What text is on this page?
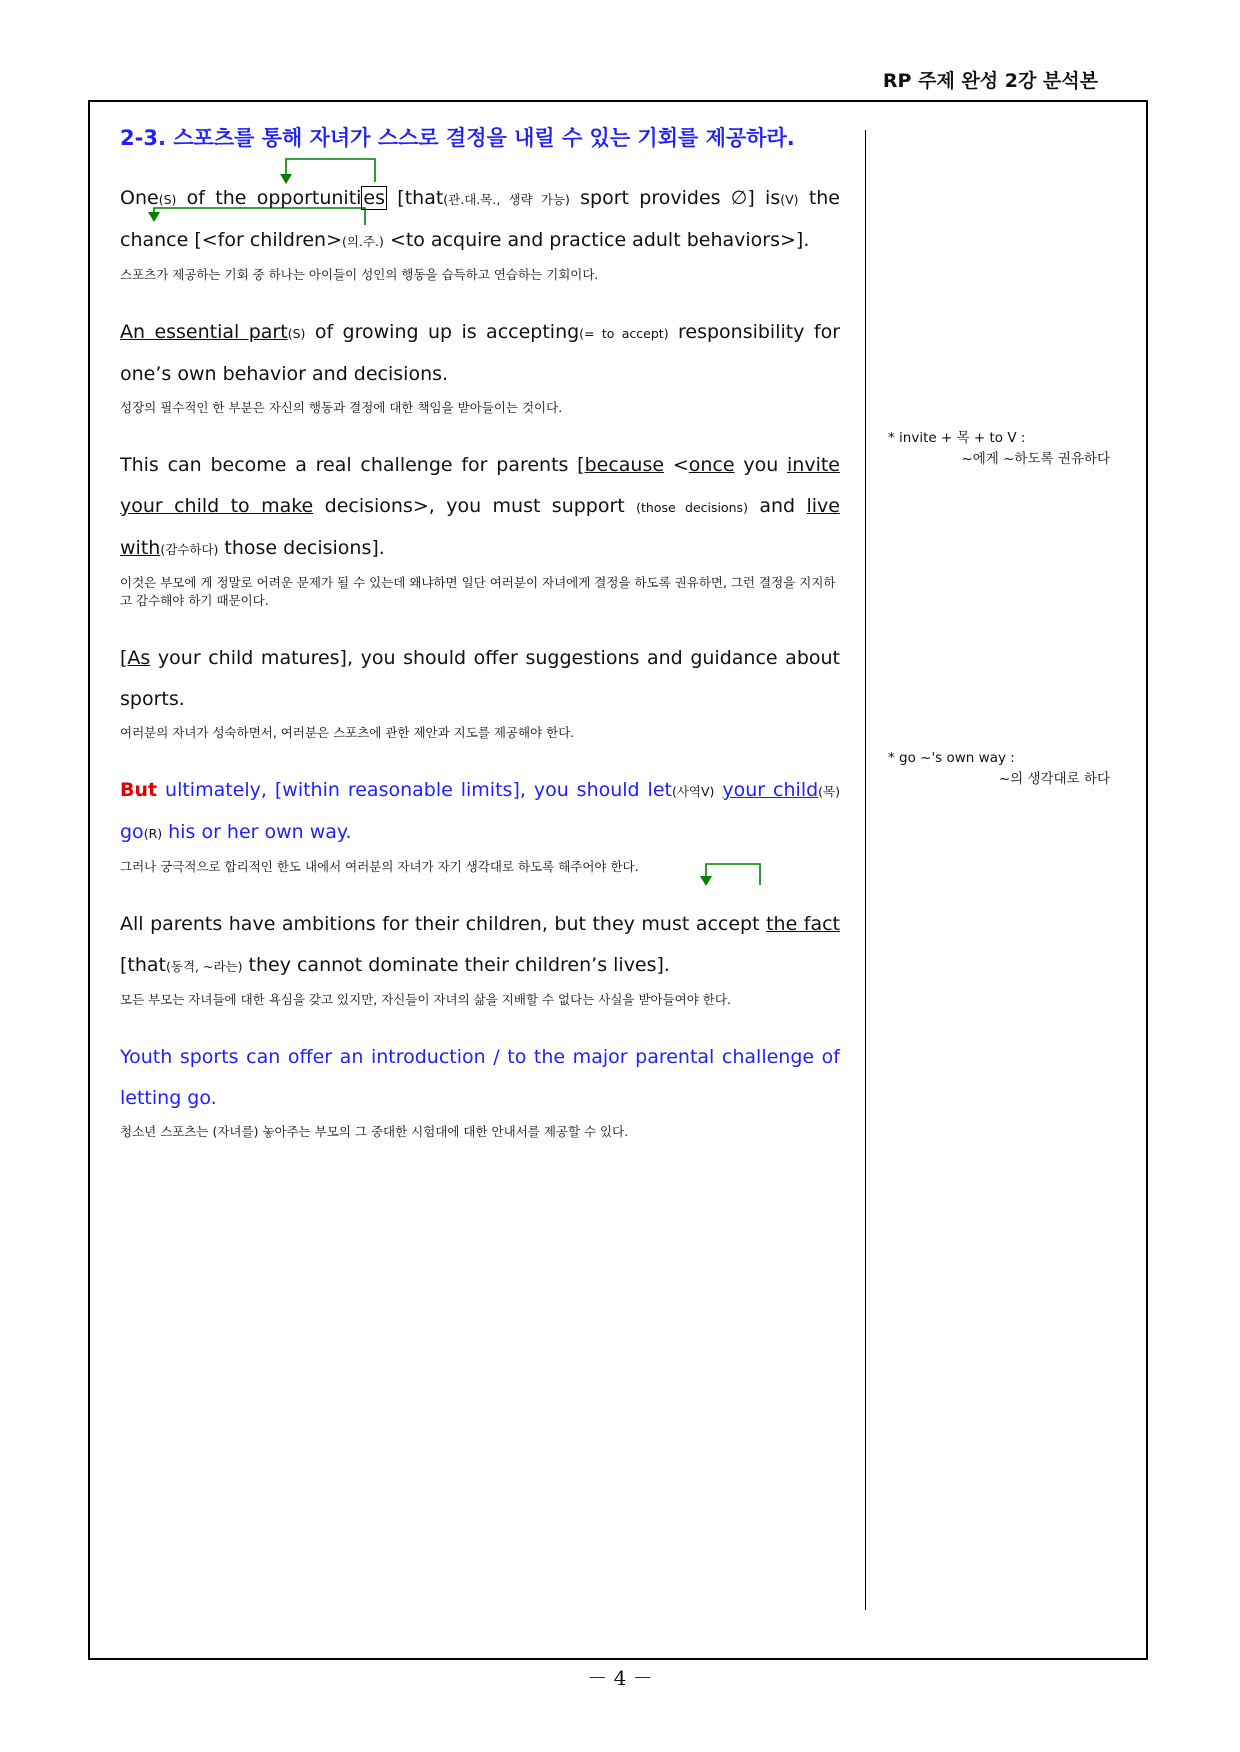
RP 주제 완성 2강 분석본
2-3. 스포츠를 통해 자녀가 스스로 결정을 내릴 수 있는 기회를 제공하라.
One(S) of the opportuniti es [that(관.대.목., 생략 가능) sport provides ∅] is(V) the chance [<for children>(의.주.) <to acquire and practice adult behaviors>].
스포츠가 제공하는 기회 중 하나는 아이들이 성인의 행동을 습득하고 연습하는 기회이다.
An essential part(S) of growing up is accepting(= to accept) responsibility for one’s own behavior and decisions.
성장의 필수적인 한 부분은 자신의 행동과 결정에 대한 책임을 받아들이는 것이다.
This can become a real challenge for parents [because <once you invite your child to make decisions>, you must support (those decisions) and live with(감수하다) those decisions].
이것은 부모에 게 정말로 어려운 문제가 될 수 있는데 왜냐하면 일단 여러분이 자녀에게 결정을 하도록 권유하면, 그런 결정을 지지하고 감수해야 하기 때문이다.
[As your child matures], you should offer suggestions and guidance about sports.
여러분의 자녀가 성숙하면서, 여러분은 스포츠에 관한 제안과 지도를 제공해야 한다.
But ultimately, [within reasonable limits], you should let(사역V) your child(목) go(R) his or her own way.
그러나 궁극적으로 합리적인 한도 내에서 여러분의 자녀가 자기 생각대로 하도록 해주어야 한다.
All parents have ambitions for their children, but they must accept the fact [that(동격, ~라는) they cannot dominate their children’s lives].
모든 부모는 자녀들에 대한 욕심을 갖고 있지만, 자신들이 자녀의 삶을 지배할 수 없다는 사실을 받아들여야 한다.
Youth sports can offer an introduction / to the major parental challenge of letting go.
청소년 스포츠는 (자녀를) 놓아주는 부모의 그 중대한 시험대에 대한 안내서를 제공할 수 있다.
* invite + 목 + to V :
~에게 ~하도록 권유하다
* go ~'s own way :
~의 생각대로 하다
－ 4 －
